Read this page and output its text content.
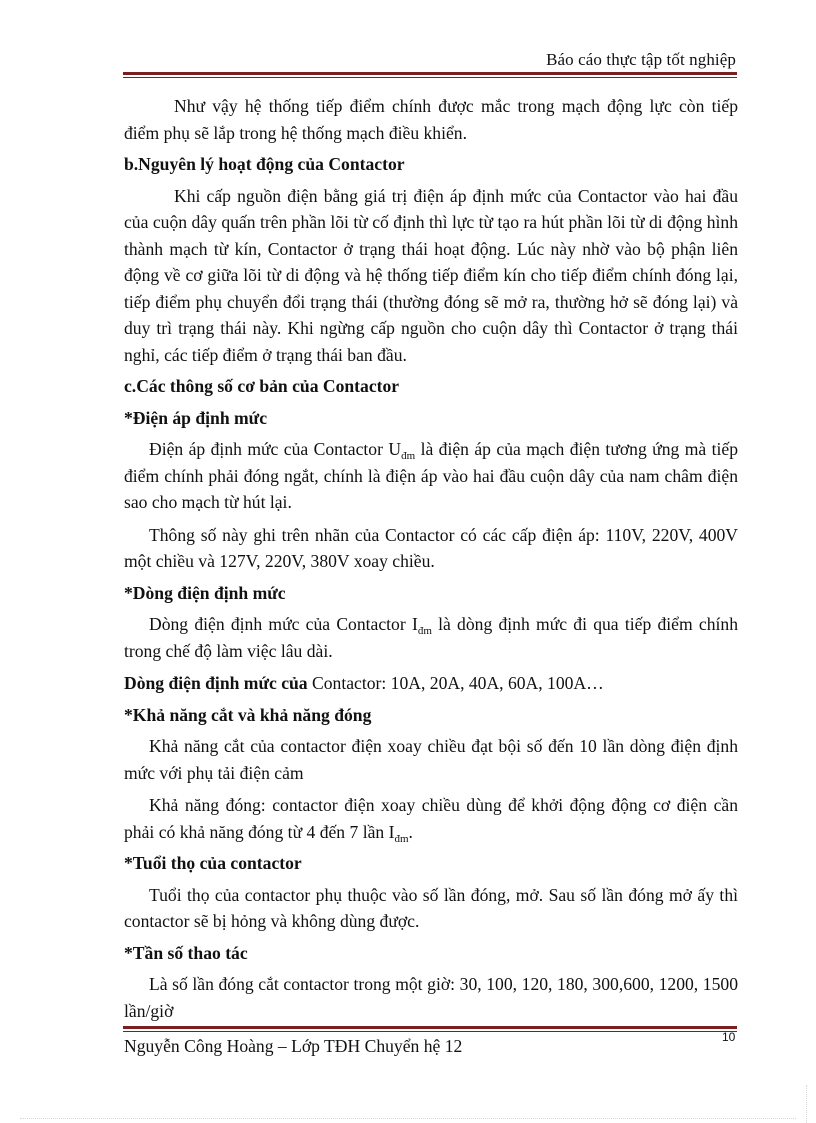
Báo cáo thực tập tốt nghiệp

Như vậy hệ thống tiếp điểm chính được mắc trong mạch động lực còn tiếp điểm phụ sẽ lắp trong hệ thống mạch điều khiển.

b.Nguyên lý hoạt động của Contactor

Khi cấp nguồn điện bằng giá trị điện áp định mức của Contactor vào hai đầu của cuộn dây quấn trên phần lõi từ cố định thì lực từ tạo ra hút phần lõi từ di động hình thành mạch từ kín, Contactor ở trạng thái hoạt động. Lúc này nhờ vào bộ phận liên động về cơ giữa lõi từ di động và hệ thống tiếp điểm kín cho tiếp điểm chính đóng lại, tiếp điểm phụ chuyển đổi trạng thái (thường đóng sẽ mở ra, thường hở sẽ đóng lại) và duy trì trạng thái này. Khi ngừng cấp nguồn cho cuộn dây thì Contactor ở trạng thái nghỉ, các tiếp điểm ở trạng thái ban đầu.

c.Các thông số cơ bản của Contactor

*Điện áp định mức

Điện áp định mức của Contactor $U_{đm}$ là điện áp của mạch điện tương ứng mà tiếp điểm chính phải đóng ngắt, chính là điện áp vào hai đầu cuộn dây của nam châm điện sao cho mạch từ hút lại.

Thông số này ghi trên nhãn của Contactor có các cấp điện áp: 110V, 220V, 400V một chiều và 127V, 220V, 380V xoay chiều.

*Dòng điện định mức

Dòng điện định mức của Contactor $I_{đm}$ là dòng định mức đi qua tiếp điểm chính trong chế độ làm việc lâu dài.

Dòng điện định mức của Contactor: 10A, 20A, 40A, 60A, 100A…

*Khả năng cắt và khả năng đóng

Khả năng cắt của contactor điện xoay chiều đạt bội số đến 10 lần dòng điện định mức với phụ tải điện cảm

Khả năng đóng: contactor điện xoay chiều dùng để khởi động động cơ điện cần phải có khả năng đóng từ 4 đến 7 lần $I_{đm}$.

*Tuổi thọ của contactor

Tuổi thọ của contactor phụ thuộc vào số lần đóng, mở. Sau số lần đóng mở ấy thì contactor sẽ bị hỏng và không dùng được.

*Tần số thao tác

Là số lần đóng cắt contactor trong một giờ: 30, 100, 120, 180, 300,600, 1200, 1500 lần/giờ

Nguyễn Công Hoàng – Lớp TĐH Chuyển hệ 12	10
